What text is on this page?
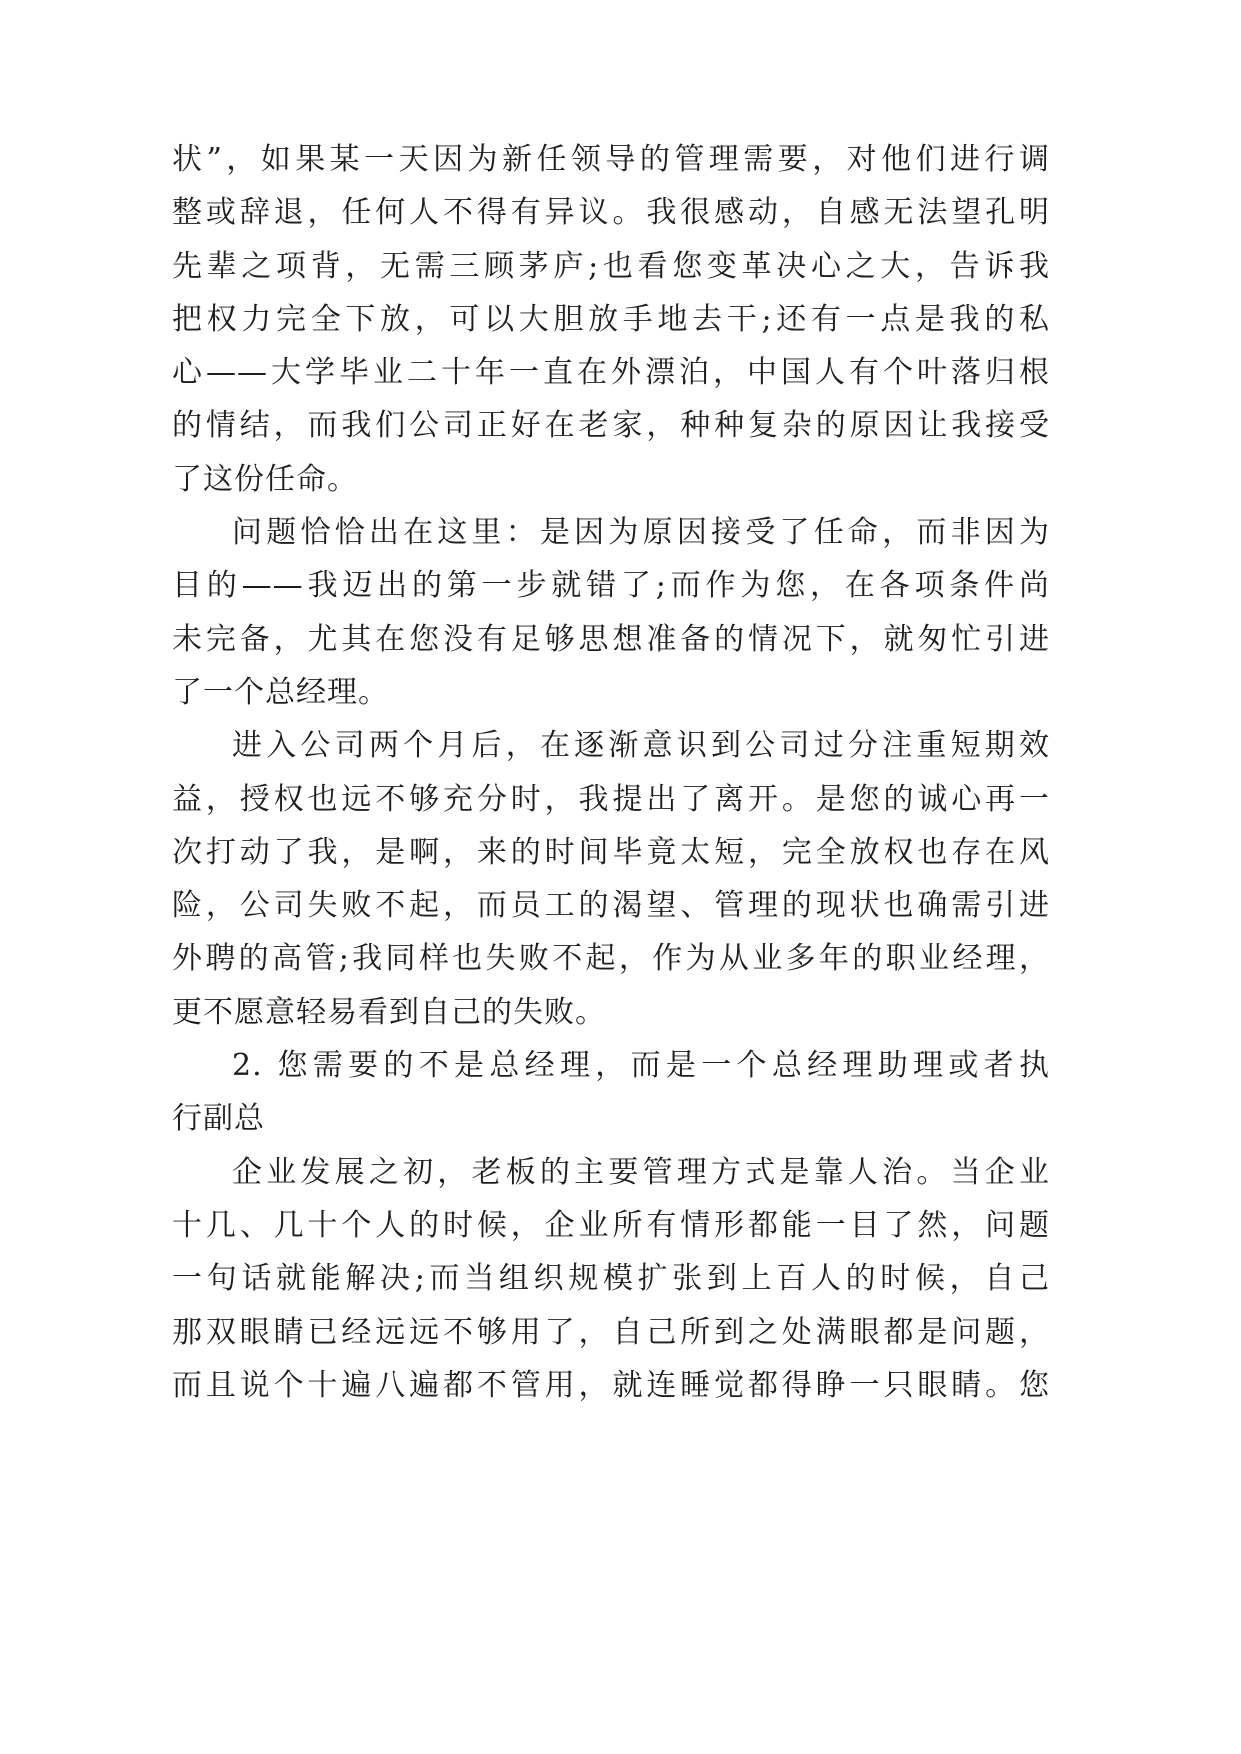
状”，如果某一天因为新任领导的管理需要，对他们进行调
整或辞退，任何人不得有异议。我很感动，自感无法望孔明
先辈之项背，无需三顾茅庐;也看您变革决心之大，告诉我
把权力完全下放，可以大胆放手地去干;还有一点是我的私
心——大学毕业二十年一直在外漂泊，中国人有个叶落归根
的情结，而我们公司正好在老家，种种复杂的原因让我接受
了这份任命。
问题恰恰出在这里：是因为原因接受了任命，而非因为
目的——我迈出的第一步就错了;而作为您，在各项条件尚
未完备，尤其在您没有足够思想准备的情况下，就匆忙引进
了一个总经理。
进入公司两个月后，在逐渐意识到公司过分注重短期效
益，授权也远不够充分时，我提出了离开。是您的诚心再一
次打动了我，是啊，来的时间毕竟太短，完全放权也存在风
险，公司失败不起，而员工的渴望、管理的现状也确需引进
外聘的高管;我同样也失败不起，作为从业多年的职业经理，
更不愿意轻易看到自己的失败。
2. 您需要的不是总经理，而是一个总经理助理或者执
行副总
企业发展之初，老板的主要管理方式是靠人治。当企业
十几、几十个人的时候，企业所有情形都能一目了然，问题
一句话就能解决;而当组织规模扩张到上百人的时候，自己
那双眼睛已经远远不够用了，自己所到之处满眼都是问题，
而且说个十遍八遍都不管用，就连睡觉都得睁一只眼睛。您
